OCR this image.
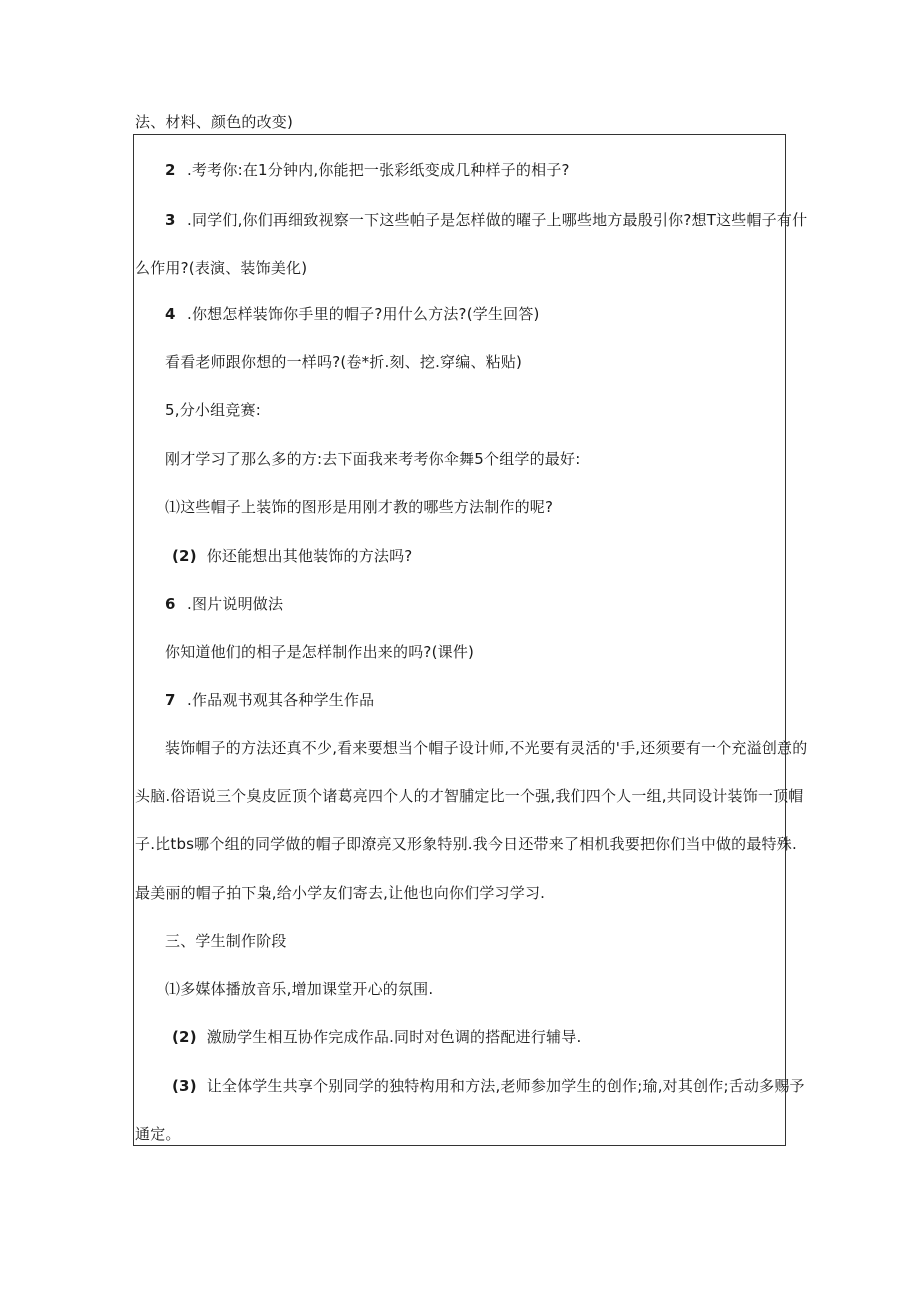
法、材料、颜色的改变)
2 .考考你:在1分钟内,你能把一张彩纸变成几种样子的相子?
3 .同学们,你们再细致视察一下这些帕子是怎样做的曜子上哪些地方最殷引你?想T这些帽子有什
么作用?(表演、装饰美化)
4 .你想怎样装饰你手里的帽子?用什么方法?(学生回答)
看看老师跟你想的一样吗?(卷*折.刻、挖.穿编、粘贴)
5,分小组竞赛:
刚才学习了那么多的方:去下面我来考考你伞舞5个组学的最好:
⑴这些帽子上装饰的图形是用刚才教的哪些方法制作的呢?
(2) 你还能想出其他装饰的方法吗?
6 .图片说明做法
你知道他们的相子是怎样制作出来的吗?(课件)
7 .作品观书观其各种学生作品
装饰帽子的方法还真不少,看来要想当个帽子设计师,不光要有灵活的'手,还须要有一个充溢创意的
头脑.俗语说三个臭皮匠顶个诸葛亮四个人的才智脯定比一个强,我们四个人一组,共同设计装饰一顶帽
子.比tbs哪个组的同学做的帽子即潦亮又形象特别.我今日还带来了相机我要把你们当中做的最特殊.
最美丽的帽子拍下枭,给小学友们寄去,让他也向你们学习学习.
三、学生制作阶段
⑴多媒体播放音乐,增加课堂开心的氛围.
(2) 激励学生相互协作完成作品.同时对色调的搭配进行辅导.
(3) 让全体学生共享个别同学的独特构用和方法,老师参加学生的创作;瑜,对其创作;舌动多赐予
通定。
